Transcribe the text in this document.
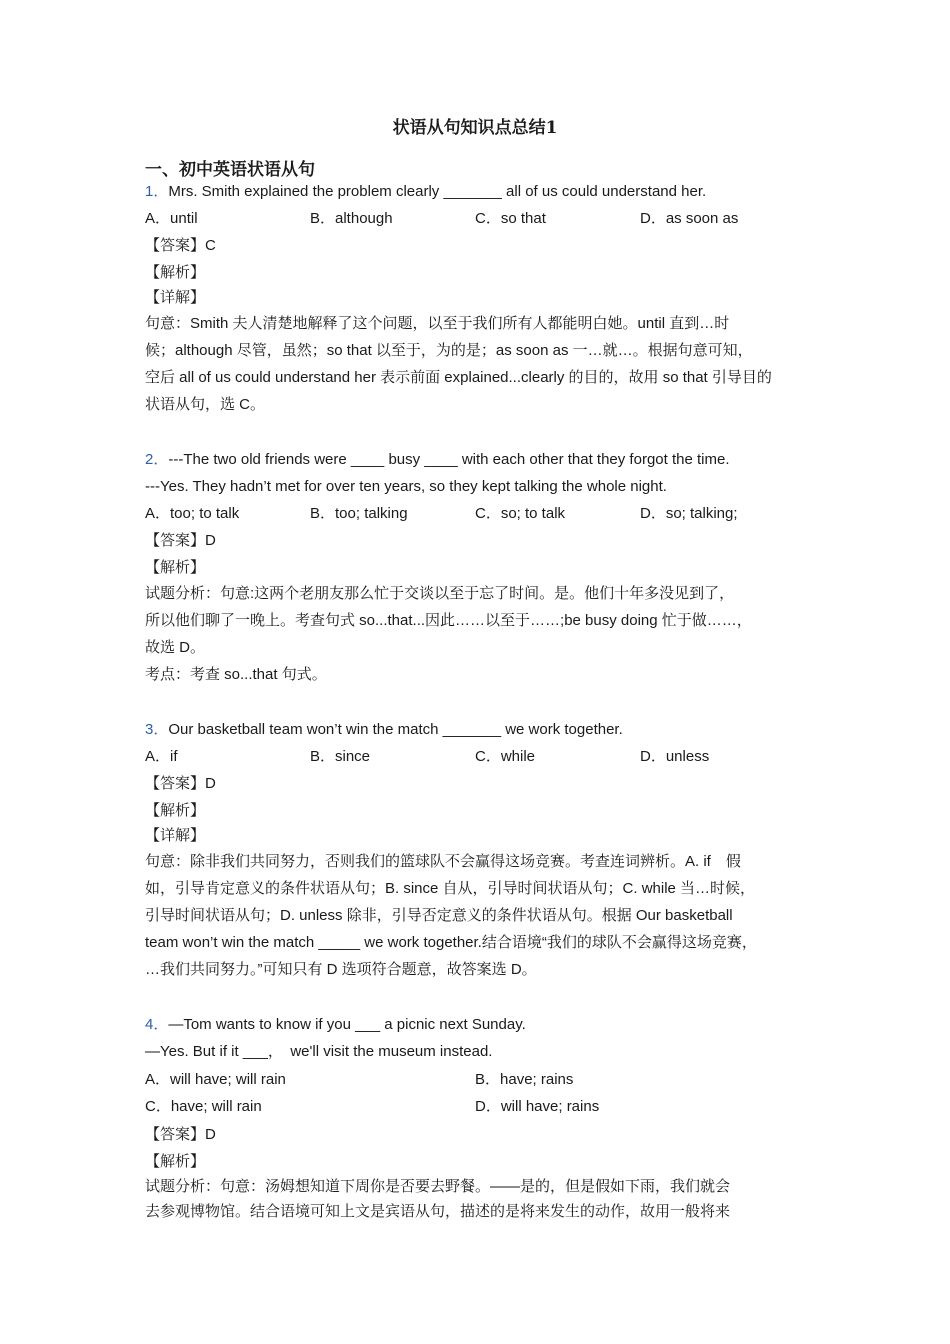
状语从句知识点总结1
一、初中英语状语从句
1．Mrs. Smith explained the problem clearly _______ all of us could understand her.
A．until	B．although	C．so that	D．as soon as
【答案】C
【解析】
【详解】
句意：Smith 夫人清楚地解释了这个问题，以至于我们所有人都能明白她。until 直到…时
候；although 尽管，虽然；so that 以至于，为的是；as soon as 一…就…。根据句意可知，
空后 all of us could understand her 表示前面 explained...clearly 的目的，故用 so that 引导目的
状语从句，选 C。
2．---The two old friends were ____ busy ____ with each other that they forgot the time.
---Yes. They hadn’t met for over ten years, so they kept talking the whole night.
A．too; to talk	B．too; talking	C．so; to talk	D．so; talking;
【答案】D
【解析】
试题分析：句意:这两个老朋友那么忙于交谈以至于忘了时间。是。他们十年多没见到了，
所以他们聊了一晚上。考查句式 so...that...因此……以至于……;be busy doing 忙于做……，
故选 D。
考点：考查 so...that 句式。
3．Our basketball team won’t win the match _______ we work together.
A．if	B．since	C．while	D．unless
【答案】D
【解析】
【详解】
句意：除非我们共同努力，否则我们的篮球队不会赢得这场竞赛。考查连词辨析。A. if　假
如，引导肯定意义的条件状语从句；B. since 自从，引导时间状语从句；C. while 当…时候，
引导时间状语从句；D. unless 除非，引导否定意义的条件状语从句。根据 Our basketball
team won’t win the match _____ we work together.结合语境“我们的球队不会赢得这场竞赛，
…我们共同努力。”可知只有 D 选项符合题意，故答案选 D。
4．—Tom wants to know if you ___ a picnic next Sunday.
—Yes. But if it ___，　we'll visit the museum instead.
A．will have; will rain	B．have; rains
C．have; will rain	D．will have; rains
【答案】D
【解析】
试题分析：句意：汤姆想知道下周你是否要去野餐。——是的，但是假如下雨，我们就会
去参观博物馆。结合语境可知上文是宾语从句，描述的是将来发生的动作，故用一般将来
